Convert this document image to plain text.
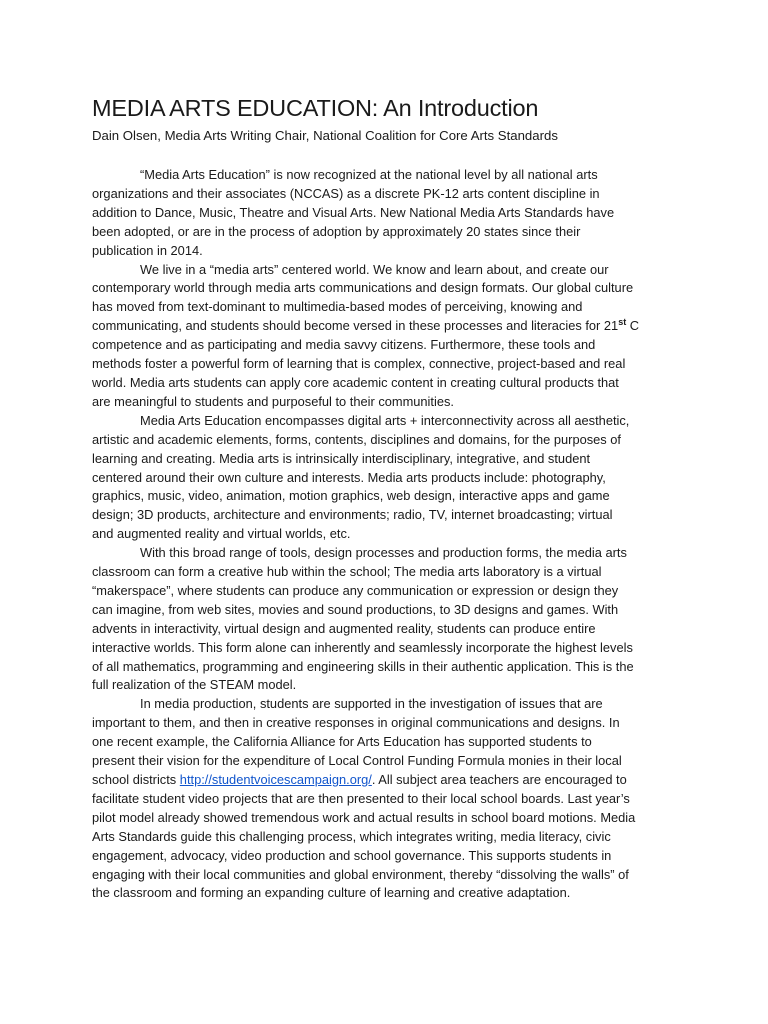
MEDIA ARTS EDUCATION: An Introduction
Dain Olsen, Media Arts Writing Chair, National Coalition for Core Arts Standards

“Media Arts Education” is now recognized at the national level by all national arts
organizations and their associates (NCCAS) as a discrete PK-12 arts content discipline in
addition to Dance, Music, Theatre and Visual Arts. New National Media Arts Standards have
been adopted, or are in the process of adoption by approximately 20 states since their
publication in 2014.

We live in a “media arts” centered world. We know and learn about, and create our
contemporary world through media arts communications and design formats. Our global culture
has moved from text-dominant to multimedia-based modes of perceiving, knowing and
communicating, and students should become versed in these processes and literacies for 21st C
competence and as participating and media savvy citizens. Furthermore, these tools and
methods foster a powerful form of learning that is complex, connective, project-based and real
world. Media arts students can apply core academic content in creating cultural products that
are meaningful to students and purposeful to their communities.

Media Arts Education encompasses digital arts + interconnectivity across all aesthetic,
artistic and academic elements, forms, contents, disciplines and domains, for the purposes of
learning and creating. Media arts is intrinsically interdisciplinary, integrative, and student
centered around their own culture and interests. Media arts products include: photography,
graphics, music, video, animation, motion graphics, web design, interactive apps and game
design; 3D products, architecture and environments; radio, TV, internet broadcasting; virtual
and augmented reality and virtual worlds, etc.

With this broad range of tools, design processes and production forms, the media arts
classroom can form a creative hub within the school; The media arts laboratory is a virtual
“makerspace”, where students can produce any communication or expression or design they
can imagine, from web sites, movies and sound productions, to 3D designs and games. With
advents in interactivity, virtual design and augmented reality, students can produce entire
interactive worlds. This form alone can inherently and seamlessly incorporate the highest levels
of all mathematics, programming and engineering skills in their authentic application. This is the
full realization of the STEAM model.

In media production, students are supported in the investigation of issues that are
important to them, and then in creative responses in original communications and designs. In
one recent example, the California Alliance for Arts Education has supported students to
present their vision for the expenditure of Local Control Funding Formula monies in their local
school districts http://studentvoicescampaign.org/. All subject area teachers are encouraged to
facilitate student video projects that are then presented to their local school boards. Last year’s
pilot model already showed tremendous work and actual results in school board motions. Media
Arts Standards guide this challenging process, which integrates writing, media literacy, civic
engagement, advocacy, video production and school governance. This supports students in
engaging with their local communities and global environment, thereby “dissolving the walls” of
the classroom and forming an expanding culture of learning and creative adaptation.
